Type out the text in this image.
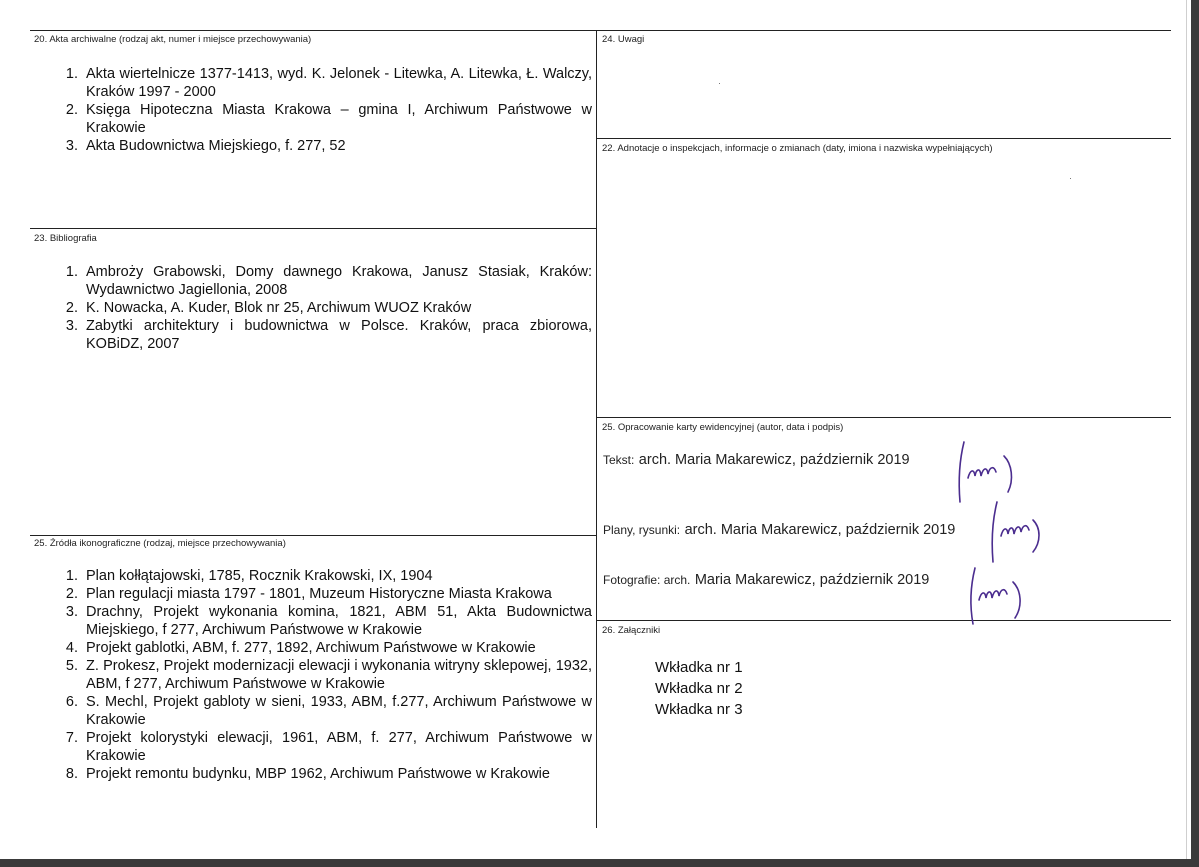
20. Akta archiwalne (rodzaj akt, numer i miejsce przechowywania)
1. Akta wiertelnicze 1377-1413, wyd. K. Jelonek - Litewka, A. Litewka, Ł. Walczy, Kraków 1997 - 2000
2. Księga Hipoteczna Miasta Krakowa – gmina I, Archiwum Państwowe w Krakowie
3. Akta Budownictwa Miejskiego, f. 277, 52
23. Bibliografia
1. Ambroży Grabowski, Domy dawnego Krakowa, Janusz Stasiak, Kraków: Wydawnictwo Jagiellonia, 2008
2. K. Nowacka, A. Kuder, Blok nr 25, Archiwum WUOZ Kraków
3. Zabytki architektury i budownictwa w Polsce. Kraków, praca zbiorowa, KOBiDZ, 2007
25. Źródła ikonograficzne (rodzaj, miejsce przechowywania)
1. Plan kołłątajowski, 1785, Rocznik Krakowski, IX, 1904
2. Plan regulacji miasta 1797 - 1801, Muzeum Historyczne Miasta Krakowa
3. Drachny, Projekt wykonania komina, 1821, ABM 51, Akta Budownictwa Miejskiego, f 277, Archiwum Państwowe w Krakowie
4. Projekt gablotki, ABM, f. 277, 1892, Archiwum Państwowe w Krakowie
5. Z. Prokesz, Projekt modernizacji elewacji i wykonania witryny sklepowej, 1932, ABM, f 277, Archiwum Państwowe w Krakowie
6. S. Mechl, Projekt gabloty w sieni, 1933, ABM, f.277, Archiwum Państwowe w Krakowie
7. Projekt kolorystyki elewacji, 1961, ABM, f. 277, Archiwum Państwowe w Krakowie
8. Projekt remontu budynku, MBP 1962, Archiwum Państwowe w Krakowie
24. Uwagi
22. Adnotacje o inspekcjach, informacje o zmianach (daty, imiona i nazwiska wypełniających)
25. Opracowanie karty ewidencyjnej (autor, data i podpis)
Tekst: arch. Maria Makarewicz, październik 2019
Plany, rysunki: arch. Maria Makarewicz, październik 2019
Fotografie: arch. Maria Makarewicz, październik 2019
26. Załączniki
Wkładka nr 1
Wkładka nr 2
Wkładka nr 3
